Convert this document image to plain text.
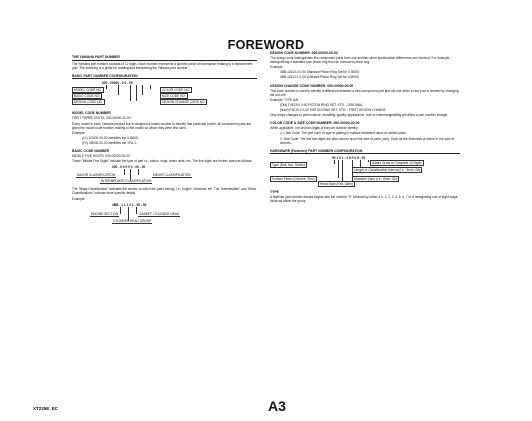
FOREWORD
THE YAMAHA PART NUMBER
The Yamaha part number consists of 12 digits. Each number represents a specific piece of information relating to a replacement part. The following is a guide for reading and interpreting the Yamaha part number.
BASIC PART NUMBER CONFIGURATION
000 - 00000 - 0 0 - 00
MODEL CODE NO.
BASIC CODE NO.
DESIGN CODE NO.
COLOR CODE NO.
SIZE CODE NO.
DESIGN CHANGE CODE NO.
MODEL CODE NUMBER
FIRST THREE DIGITS: 000-00000-00-00
Every model in each Yamaha product line is assigned a model number to identify that particular model. All component parts are given the model code number relating to the model on which they were first used.
Example:
(1L) 1G000-00-00 identifies the XJ600S.
(FV) 4B000-00-00 identifies the YFA-1.
BASIC CODE NUMBER
MIDDLE FIVE DIGITS: 000-00000-00-00
These "Middle Five Digits" indicate the type of part i.e., piston, rings, tower units, etc. The five digits are broken down as follows:
000 - 0 0 0 0 0 - 00 - 00
MAJOR CLASSIFICATION	MINOR CLASSIFICATION
INTERMEDIATE CLASSIFICATION
The "Major Classification" indicates the section to which the parts belong, i.e., engine, electrical, etc. The "Intermediate" and "Minor Classifications" indicate more specific details.
Example:
4BB - 1 1 1 3 1 - 00 - 00
ENGINE SECTION	GASKET, CYLINDER HEAD
CYLINDER HEAD GROUP
DESIGN CODE NUMBER: 000-00000-00-00
The design code distinguishes like component parts from one another when specification differences are involved. For example, distinguishing a standard size piston ring from an oversized piston ring.
Example:
4BB-11610-0 0-00 Standard Piston Ring Set for XJ600S
4BB-11610-1 0-00 Oversize Piston Ring Set for XJ600S
DESIGN CHANGE CODE NUMBER: 000-00000-00-00
This code number is used to identify a difference between a new component part and old one when a new part is created by changing the old one.
Example: TYPE A/B
(Old) F4E19-0 0-00 PISTON RING SET, STD. - ORIGINAL
(New) F4E19-0 1-00 PISTON RING SET, STD. - FIRST DESIGN CHANGE
Only major changes to performance, durability, quality, appearance, size or interchangeability will affect a part number change.
COLOR CODE & SIZE CODE NUMBER: 000-00000-00-00
When applicable, the last two digits of the part number identify:
1. Color Code: The part color or type of plating or surface treatment used on certain parts.
2. Size Code: The last two digits are also used to show the size of parts (mm). Such as the thickness of shims or the size of sleeves.
HARDWARE (Fastener) PART NUMBER CONFIGURATION
90 1 0 1 - 0 6 0 0 8 - 00
Type (Bolt, Nut, Screw)
Surface Finish (Chrome, Zinc)
Added Zeros to Complete 12 Digits
Length or Classification Interval (i.e., 8mm -08)
Diameter (mm) (i.e., 6mm -06)
Head Style (Hex, Allen)
TYPE
A fastener part number always begins with the number "9" followed by either a 0, 1, 2, 3, 4, 5, 6, 7 or 8 designating one of eight major divisions within the group.
XT225E_EC	A3
